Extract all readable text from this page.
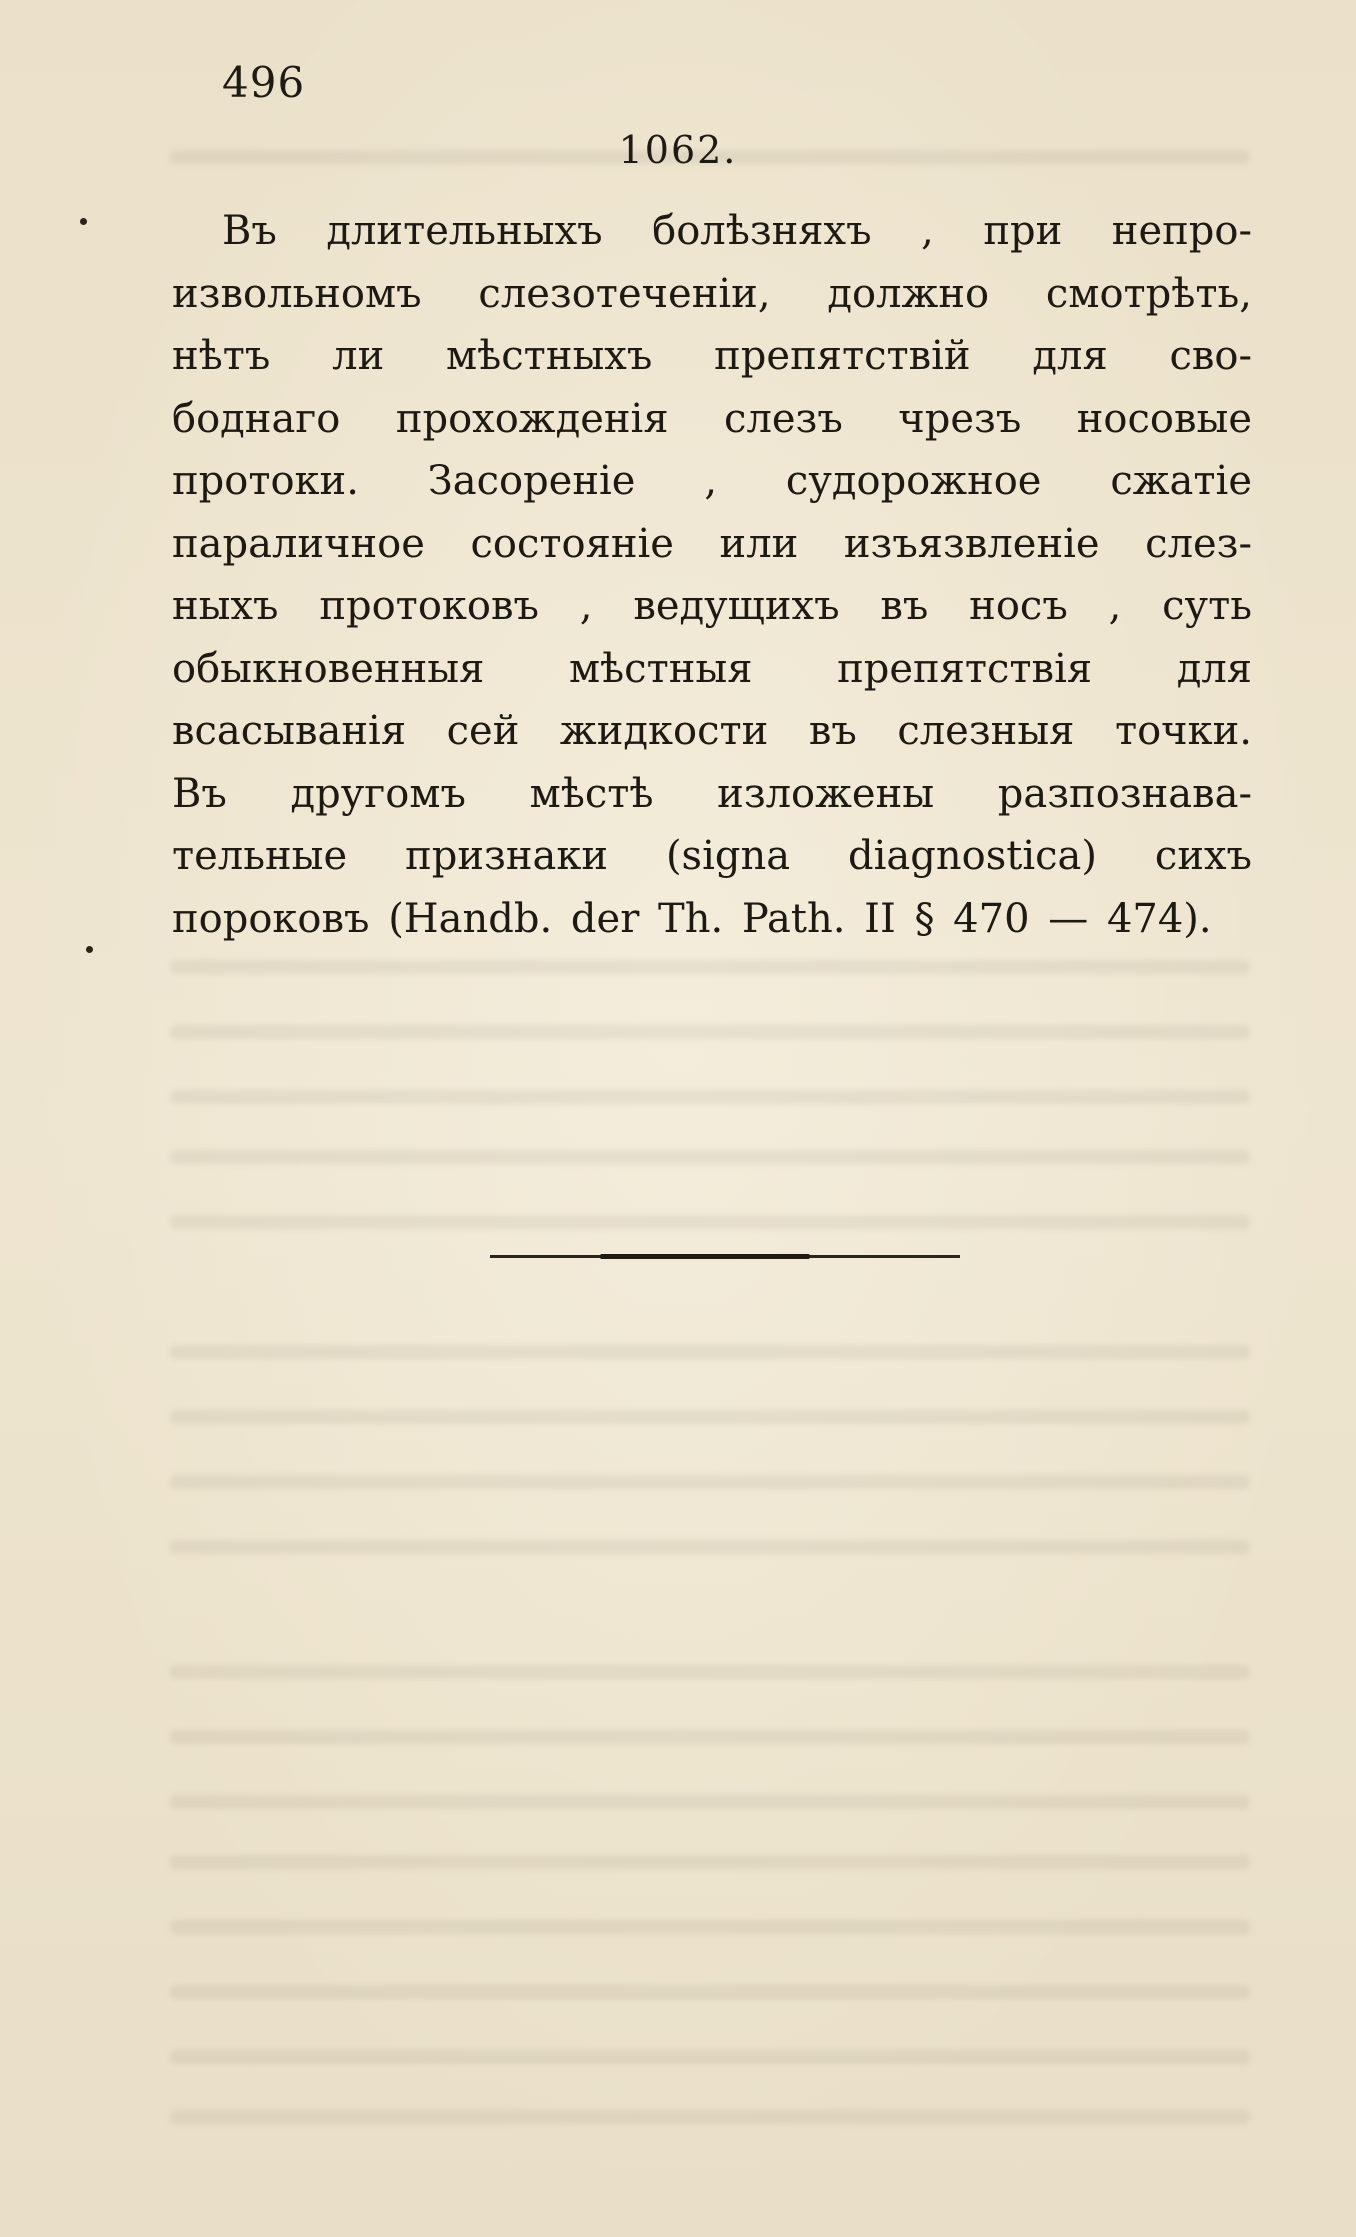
496
1062.
Въ длительныхъ болѣзняхъ , при непро-
извольномъ слезотеченіи, должно смотрѣть,
нѣтъ ли мѣстныхъ препятствій для сво-
боднаго прохожденія слезъ чрезъ носовые
протоки. Засореніе , судорожное сжатіе
параличное состояніе или изъязвленіе слез-
ныхъ протоковъ , ведущихъ въ носъ , суть
обыкновенныя мѣстныя препятствія для
всасыванія сей жидкости въ слезныя точки.
Въ другомъ мѣстѣ изложены разпознава-
тельные признаки (signa diagnostica) сихъ
пороковъ (Handb. der Th. Path. II § 470 — 474).
